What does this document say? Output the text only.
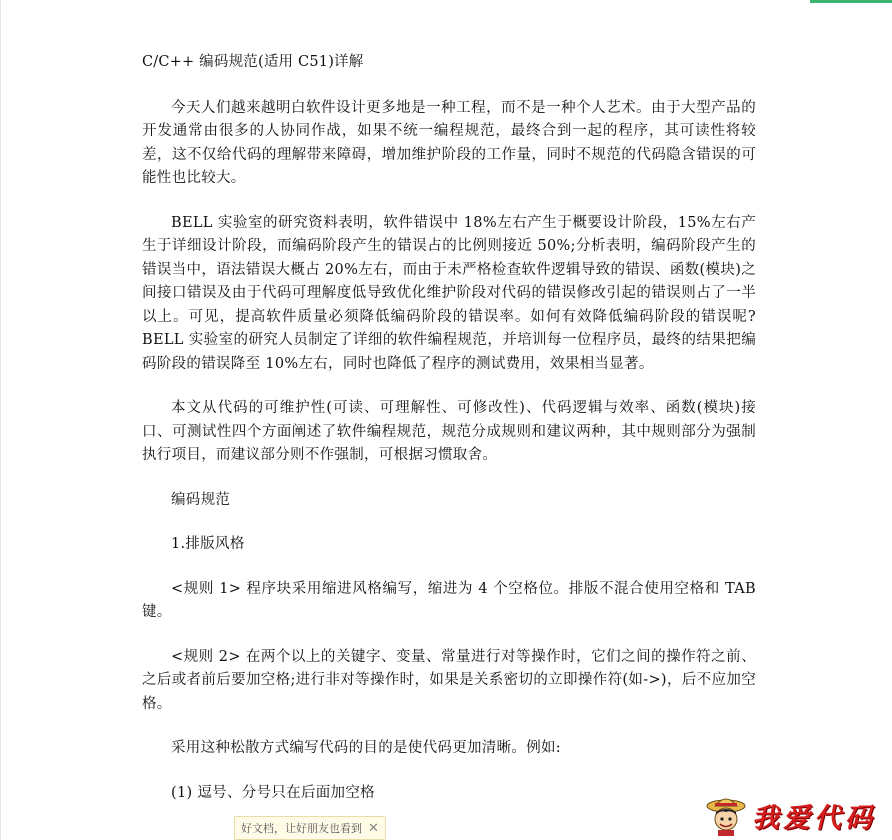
C/C++ 编码规范(适用 C51)详解

今天人们越来越明白软件设计更多地是一种工程，而不是一种个人艺术。由于大型产品的开发通常由很多的人协同作战，如果不统一编程规范，最终合到一起的程序，其可读性将较差，这不仅给代码的理解带来障碍，增加维护阶段的工作量，同时不规范的代码隐含错误的可能性也比较大。

BELL 实验室的研究资料表明，软件错误中 18%左右产生于概要设计阶段，15%左右产生于详细设计阶段，而编码阶段产生的错误占的比例则接近 50%;分析表明，编码阶段产生的错误当中，语法错误大概占 20%左右，而由于未严格检查软件逻辑导致的错误、函数(模块)之间接口错误及由于代码可理解度低导致优化维护阶段对代码的错误修改引起的错误则占了一半以上。可见，提高软件质量必须降低编码阶段的错误率。如何有效降低编码阶段的错误呢?BELL 实验室的研究人员制定了详细的软件编程规范，并培训每一位程序员，最终的结果把编码阶段的错误降至 10%左右，同时也降低了程序的测试费用，效果相当显著。

本文从代码的可维护性(可读、可理解性、可修改性)、代码逻辑与效率、函数(模块)接口、可测试性四个方面阐述了软件编程规范，规范分成规则和建议两种，其中规则部分为强制执行项目，而建议部分则不作强制，可根据习惯取舍。

编码规范

1.排版风格

<规则 1> 程序块采用缩进风格编写，缩进为 4 个空格位。排版不混合使用空格和 TAB 键。

<规则 2> 在两个以上的关键字、变量、常量进行对等操作时，它们之间的操作符之前、之后或者前后要加空格;进行非对等操作时，如果是关系密切的立即操作符(如->)，后不应加空格。

采用这种松散方式编写代码的目的是使代码更加清晰。例如:

(1) 逗号、分号只在后面加空格

好文档，让好朋友也看到 ✕	我爱代码
